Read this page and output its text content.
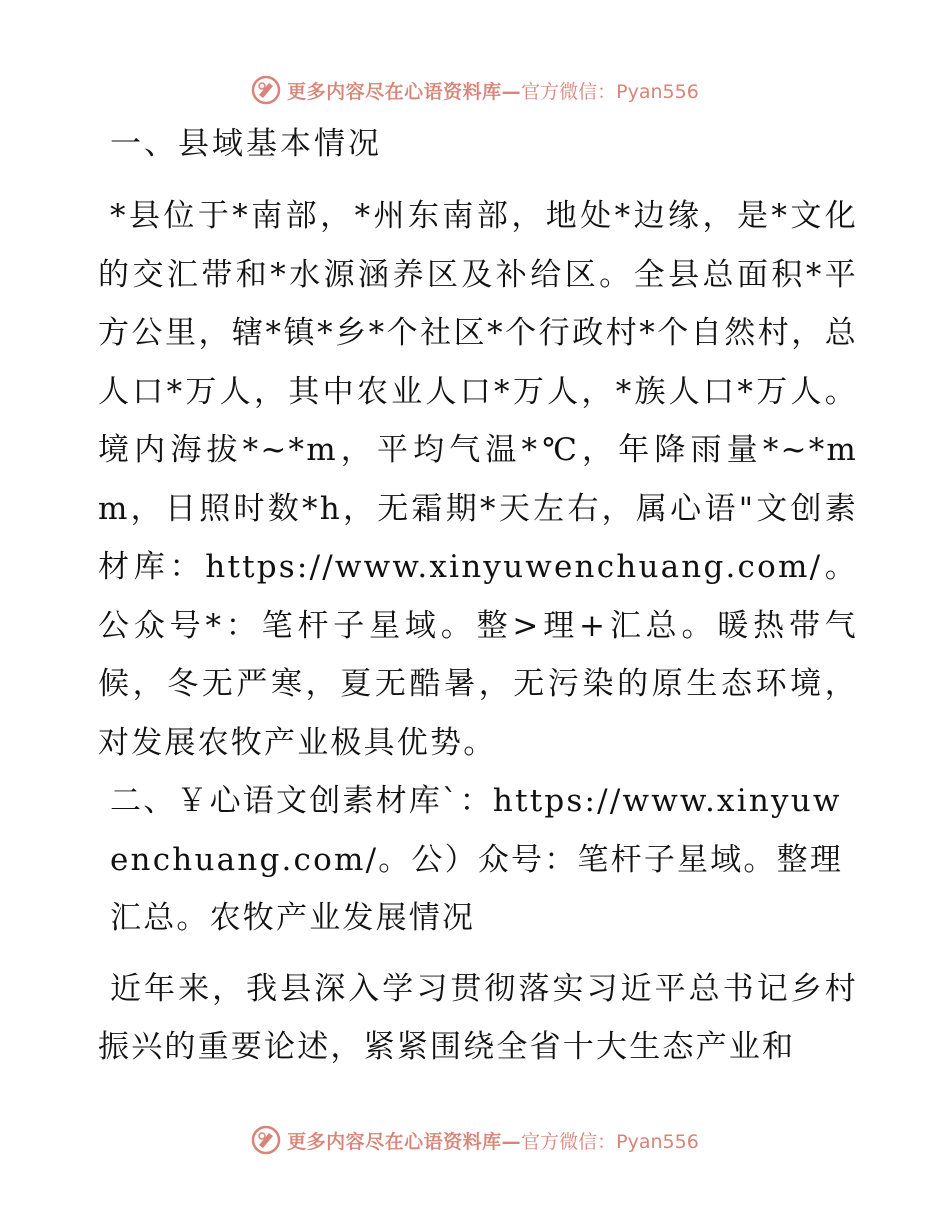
更多内容尽在心语资料库— 官方微信：Pyan556
一、县域基本情况

*县位于*南部，*州东南部，地处*边缘，是*文化的交汇带和*水源涵养区及补给区。全县总面积*平方公里，辖*镇*乡*个社区*个行政村*个自然村，总人口*万人，其中农业人口*万人，*族人口*万人。境内海拔*~*m，平均气温*℃，年降雨量*~*mm，日照时数*h，无霜期*天左右，属心语"文创素材库：https://www.xinyuwenchuang.com/。公众号*：笔杆子星域。整>理+汇总。暖热带气候，冬无严寒，夏无酷暑，无污染的原生态环境，对发展农牧产业极具优势。

二、￥心语文创素材库`：https://www.xinyuwenchuang.com/。公）众号：笔杆子星域。整理汇总。农牧产业发展情况

近年来，我县深入学习贯彻落实习近平总书记乡村振兴的重要论述，紧紧围绕全省十大生态产业和

更多内容尽在心语资料库— 官方微信：Pyan556
